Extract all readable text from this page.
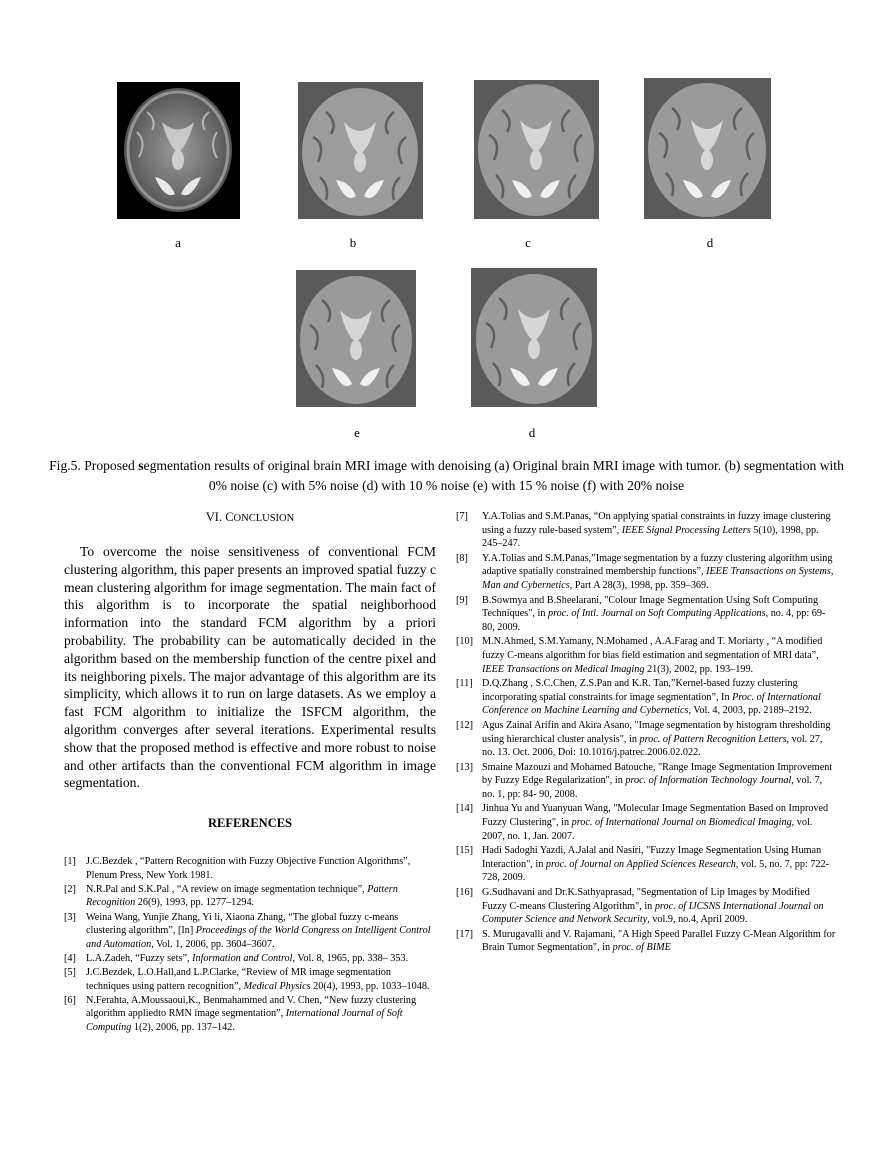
a	b	c	d
e	d
Fig.5. Proposed segmentation results of original brain MRI image with denoising (a) Original brain MRI image with tumor. (b) segmentation with 0% noise (c) with 5% noise (d) with 10 % noise (e) with 15 % noise (f) with 20% noise

VI. CONCLUSION

To overcome the noise sensitiveness of conventional FCM clustering algorithm, this paper presents an improved spatial fuzzy c mean clustering algorithm for image segmentation. The main fact of this algorithm is to incorporate the spatial neighborhood information into the standard FCM algorithm by a priori probability. The probability can be automatically decided in the algorithm based on the membership function of the centre pixel and its neighboring pixels. The major advantage of this algorithm are its simplicity, which allows it to run on large datasets. As we employ a fast FCM algorithm to initialize the ISFCM algorithm, the algorithm converges after several iterations. Experimental results show that the proposed method is effective and more robust to noise and other artifacts than the conventional FCM algorithm in image segmentation.
REFERENCES

[1] J.C.Bezdek , “Pattern Recognition with Fuzzy Objective Function Algorithms”, Plenum Press, New York 1981.

[2] N.R.Pal and S.K.Pal , “A review on image segmentation technique”, Pattern Recognition 26(9), 1993, pp. 1277–1294.

[3] Weina Wang, Yunjie Zhang, Yi li, Xiaona Zhang, “The global fuzzy c-means clustering algorithm”, [In] Proceedings of the World Congress on Intelligent Control and Automation, Vol. 1, 2006, pp. 3604–3607.

[4] L.A.Zadeh, “Fuzzy sets”, Information and Control, Vol. 8, 1965, pp. 338– 353.

[5] J.C.Bezdek, L.O.Hall,and L.P.Clarke, “Review of MR image segmentation techniques using pattern recognition”, Medical Physics 20(4), 1993, pp. 1033–1048.

[6] N.Ferahta, A.Moussaoui,K., Benmahammed and V. Chen, “New fuzzy clustering algorithm appliedto RMN image segmentation”, International Journal of Soft Computing 1(2), 2006, pp. 137–142.

[7] Y.A.Tolias and S.M.Panas, “On applying spatial constraints in fuzzy image clustering using a fuzzy rule-based system”, IEEE Signal Processing Letters 5(10), 1998, pp. 245–247.

[8] Y.A.Tolias and S.M.Panas,”Image segmentation by a fuzzy clustering algorithm using adaptive spatially constrained membership functions”, IEEE Transactions on Systems, Man and Cybernetics, Part A 28(3), 1998, pp. 359–369.

[9] B.Sowmya and B.Sheelarani, "Colour Image Segmentation Using Soft Computing Techniques", in proc. of Intl. Journal on Soft Computing Applications, no. 4, pp: 69- 80, 2009.

[10] M.N.Ahmed, S.M.Yamany, N.Mohamed , A.A.Farag and T. Moriarty , “A modified fuzzy C-means algorithm for bias field estimation and segmentation of MRI data”, IEEE Transactions on Medical Imaging 21(3), 2002, pp. 193–199.

[11] D.Q.Zhang , S.C.Chen, Z.S.Pan and K.R. Tan,”Kernel-based fuzzy clustering incorporating spatial constraints for image segmentation”, In Proc. of International Conference on Machine Learning and Cybernetics, Vol. 4, 2003, pp. 2189–2192.

[12] Agus Zainal Arifin and Akira Asano, "Image segmentation by histogram thresholding using hierarchical cluster analysis", in proc. of Pattern Recognition Letters, vol. 27, no. 13. Oct. 2006, Doi: 10.1016/j.patrec.2006.02.022.

[13] Smaine Mazouzi and Mohamed Batouche, "Range Image Segmentation Improvement by Fuzzy Edge Regularization", in proc. of Information Technology Journal, vol. 7, no. 1, pp: 84- 90, 2008.

[14] Jinhua Yu and Yuanyuan Wang, "Molecular Image Segmentation Based on Improved Fuzzy Clustering", in proc. of International Journal on Biomedical Imaging, vol. 2007, no. 1, Jan. 2007.

[15] Hadi Sadoghi Yazdi, A.Jalal and Nasiri, "Fuzzy Image Segmentation Using Human Interaction", in proc. of Journal on Applied Sciences Research, vol. 5, no. 7, pp: 722- 728, 2009.

[16] G.Sudhavani and Dr.K.Sathyaprasad, "Segmentation of Lip Images by Modified Fuzzy C-means Clustering Algorithm", in proc. of IJCSNS International Journal on Computer Science and Network Security, vol.9, no.4, April 2009.

[17] S. Murugavalli and V. Rajamani, "A High Speed Parallel Fuzzy C-Mean Algorithm for Brain Tumor Segmentation", in proc. of BIME
